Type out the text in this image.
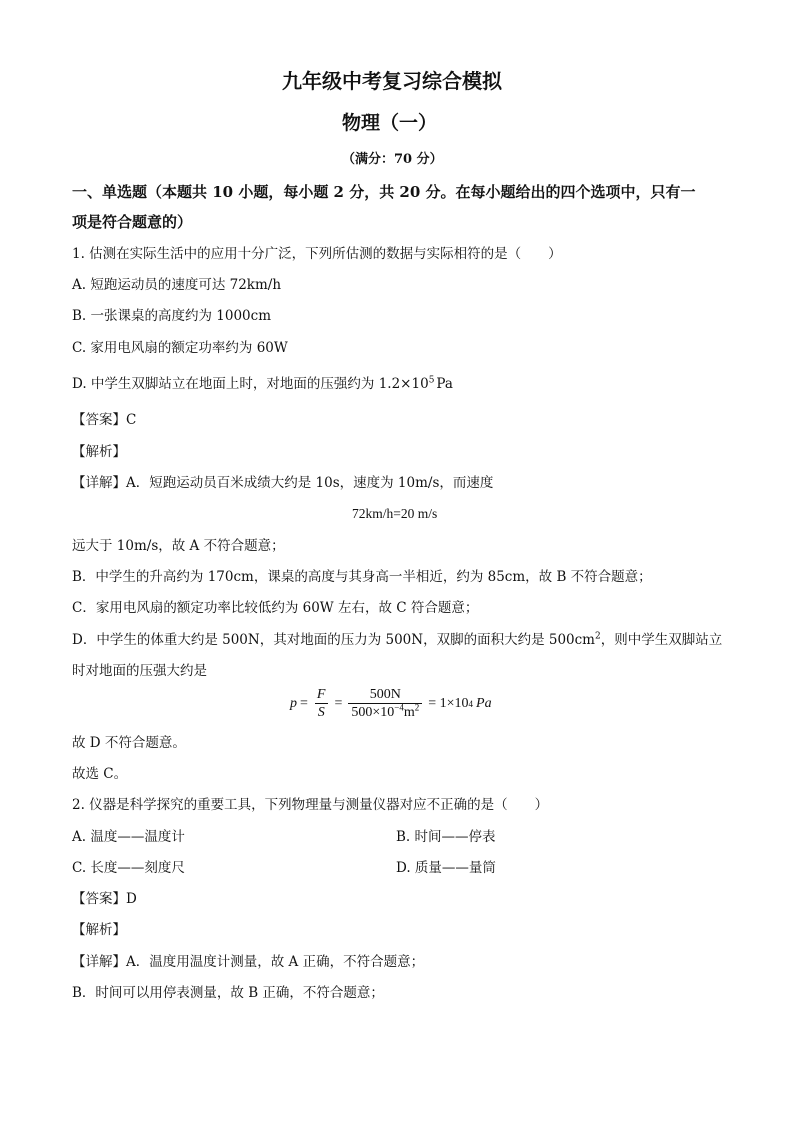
九年级中考复习综合模拟
物理（一）
（满分：70 分）
一、单选题（本题共 10 小题，每小题 2 分，共 20 分。在每小题给出的四个选项中，只有一
项是符合题意的）
1. 估测在实际生活中的应用十分广泛，下列所估测的数据与实际相符的是（　　）
A. 短跑运动员的速度可达 72km/h
B. 一张课桌的高度约为 1000cm
C. 家用电风扇的额定功率约为 60W
D. 中学生双脚站立在地面上时，对地面的压强约为 $1.2\times 10^5$ Pa
【答案】C
【解析】
【详解】A．短跑运动员百米成绩大约是 10s，速度为 10m/s，而速度
72km/h=20 m/s
远大于 10m/s，故 A 不符合题意；
B．中学生的升高约为 170cm，课桌的高度与其身高一半相近，约为 85cm，故 B 不符合题意；
C．家用电风扇的额定功率比较低约为 60W 左右，故 C 符合题意；
D．中学生的体重大约是 500N，其对地面的压力为 500N，双脚的面积大约是 $500cm^2$，则中学生双脚站立
时对地面的压强大约是
$p = \frac{F}{S} = \frac{500N}{500\times 10^{-4}m^2} = 1\times 10$ 4 Pa
故 D 不符合题意。
故选 C。
2. 仪器是科学探究的重要工具，下列物理量与测量仪器对应不正确的是（　　）
A. 温度——温度计	B. 时间——停表
C. 长度——刻度尺	D. 质量——量筒
【答案】D
【解析】
【详解】A．温度用温度计测量，故 A 正确，不符合题意；
B．时间可以用停表测量，故 B 正确，不符合题意；
